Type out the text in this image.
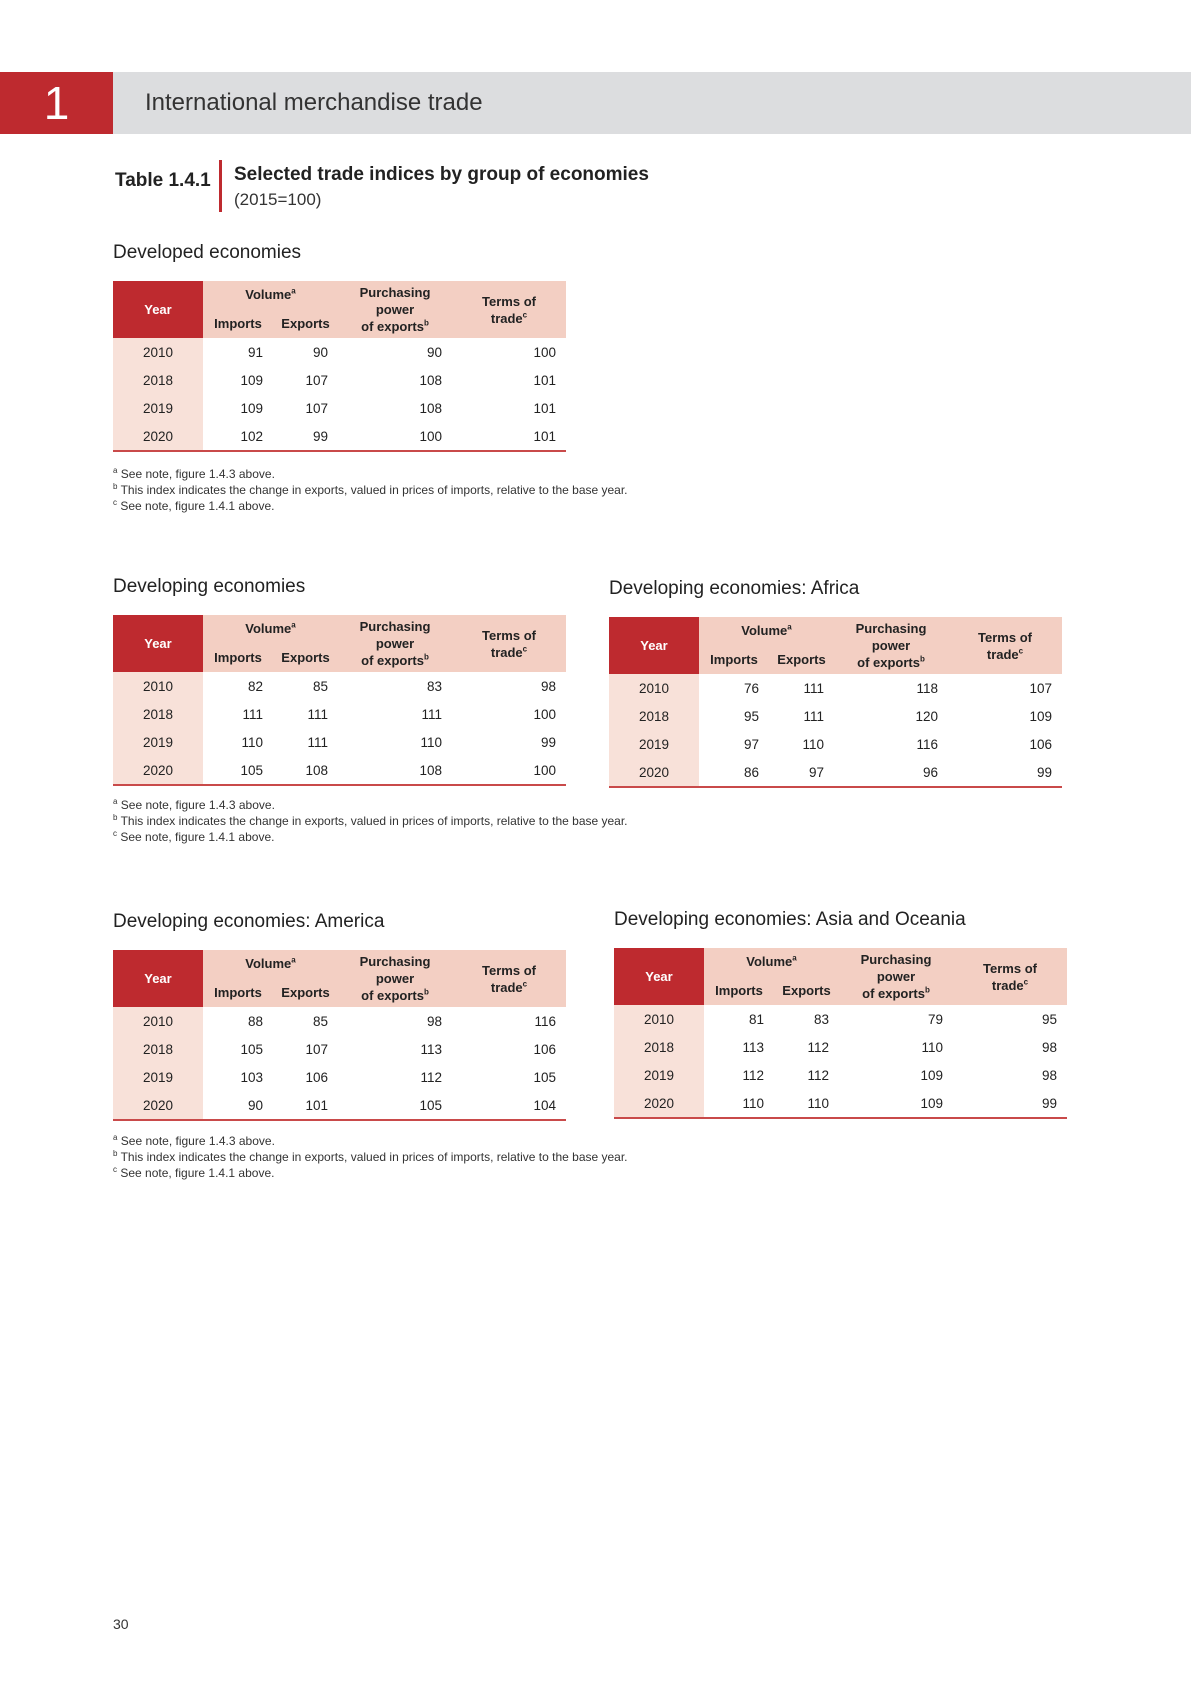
1	International merchandise trade
Table 1.4.1 Selected trade indices by group of economies
(2015=100)
Developed economies
Year	Volume$^a$		Purchasing
power
of exports$^b$	Terms of
trade$^c$
	Imports	Exports		
2010	91	90	90	100
2018	109	107	108	101
2019	109	107	108	101
2020	102	99	100	101
Developing economies
Year	Volume$^a$		Purchasing
power
of exports$^b$	Terms of
trade$^c$
	Imports	Exports		
2010	82	85	83	98
2018	111	111	111	100
2019	110	111	110	99
2020	105	108	108	100
Developing economies: Africa
Year	Volume$^a$		Purchasing
power
of exports$^b$	Terms of
trade$^c$
	Imports	Exports		
2010	76	111	118	107
2018	95	111	120	109
2019	97	110	116	106
2020	86	97	96	99
Developing economies: America
Year	Volume$^a$		Purchasing
power
of exports$^b$	Terms of
trade$^c$
	Imports	Exports		
2010	88	85	98	116
2018	105	107	113	106
2019	103	106	112	105
2020	90	101	105	104
Developing economies: Asia and Oceania
Year	Volume$^a$		Purchasing
power
of exports$^b$	Terms of
trade$^c$
	Imports	Exports		
2010	81	83	79	95
2018	113	112	110	98
2019	112	112	109	98
2020	110	110	109	99
$^a$ See note, figure 1.4.3 above.
$^b$ This index indicates the change in exports, valued in prices of imports, relative to the base year.
$^c$ See note, figure 1.4.1 above.
$^a$ See note, figure 1.4.3 above.
$^b$ This index indicates the change in exports, valued in prices of imports, relative to the base year.
$^c$ See note, figure 1.4.1 above.
$^a$ See note, figure 1.4.3 above.
$^b$ This index indicates the change in exports, valued in prices of imports, relative to the base year.
$^c$ See note, figure 1.4.1 above.
30
